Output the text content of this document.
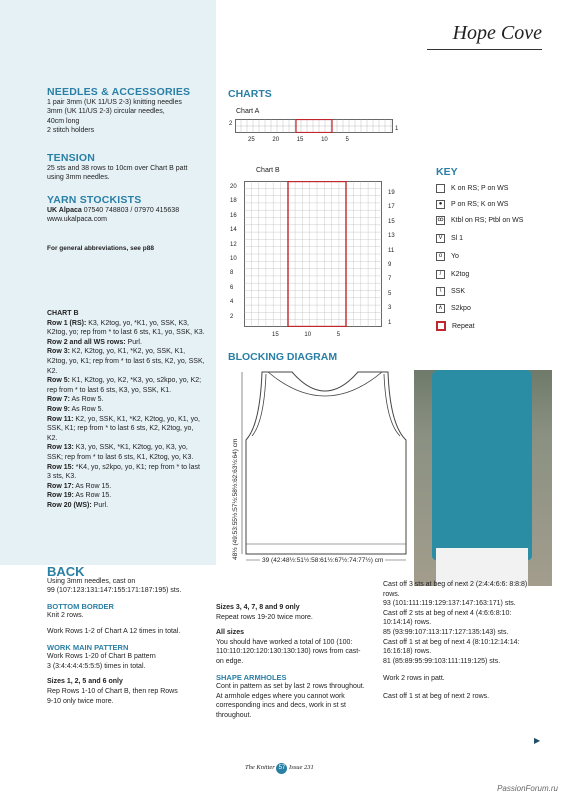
Hope Cove
NEEDLES & ACCESSORIES

1 pair 3mm (UK 11/US 2-3) knitting needles

3mm (UK 11/US 2-3) circular needles,

40cm long

2 stitch holders

TENSION

25 sts and 38 rows to 10cm over Chart B patt

using 3mm needles.

YARN STOCKISTS

UK Alpaca 07540 748803 / 07970 415638

www.ukalpaca.com

For general abbreviations, see p88
CHARTS
Chart A
2
1
25	20	15	10	5
Chart B
20
18
16
14
12
10
8
6
4
2
19
17
15
13
11
9
7
5
3
1
15	10	5
KEY
K on RS; P on WS
●	P on RS; K on WS
ꝏ Ktbl on RS; Ptbl on WS
V	Sl 1
o	Yo
/	K2tog
\	SSK
∧	S2kpo
Repeat
BLOCKING DIAGRAM
39 (42:48½:51½:58:61½:67½:74:77½) cm
48½ (49:53:55½:57½:58½:62:63½:64) cm

CHART B

Row 1 (RS): K3, K2tog, yo, *K1, yo, SSK, K3, K2tog, yo; rep from * to last 6 sts, K1, yo, SSK, K3.

Row 2 and all WS rows: Purl.

Row 3: K2, K2tog, yo, K1, *K2, yo, SSK, K1, K2tog, yo, K1; rep from * to last 6 sts, K2, yo, SSK, K2.

Row 5: K1, K2tog, yo, K2, *K3, yo, s2kpo, yo, K2; rep from * to last 6 sts, K3, yo, SSK, K1.

Row 7: As Row 5.

Row 9: As Row 5.

Row 11: K2, yo, SSK, K1, *K2, K2tog, yo, K1, yo, SSK, K1; rep from * to last 6 sts, K2, K2tog, yo, K2.

Row 13: K3, yo, SSK, *K1, K2tog, yo, K3, yo, SSK; rep from * to last 6 sts, K1, K2tog, yo, K3.

Row 15: *K4, yo, s2kpo, yo, K1; rep from * to last 3 sts, K3.

Row 17: As Row 15.

Row 19: As Row 15.

Row 20 (WS): Purl.

BACK

Using 3mm needles, cast on

99 (107:123:131:147:155:171:187:195) sts.

BOTTOM BORDER

Knit 2 rows.

Work Rows 1-2 of Chart A 12 times in total.

WORK MAIN PATTERN

Work Rows 1-20 of Chart B pattern

3 (3:4:4:4:4:5:5:5) times in total.

Sizes 1, 2, 5 and 6 only

Rep Rows 1-10 of Chart B, then rep Rows

9-10 only twice more.

Sizes 3, 4, 7, 8 and 9 only

Repeat rows 19-20 twice more.

All sizes

You should have worked a total of 100 (100: 110:110:120:120:130:130:130) rows from cast-on edge.

SHAPE ARMHOLES

Cont in pattern as set by last 2 rows throughout. At armhole edges where you cannot work corresponding incs and decs, work in st st throughout.

Cast off 3 sts at beg of next 2 (2:4:4:6:6: 8:8:8) rows.

93 (101:111:119:129:137:147:163:171) sts.

Cast off 2 sts at beg of next 4 (4:6:6:8:10: 10:14:14) rows.

85 (93:99:107:113:117:127:135:143) sts.

Cast off 1 st at beg of next 4 (8:10:12:14:14: 16:16:18) rows.

81 (85:89:95:99:103:111:119:125) sts.

Work 2 rows in patt.

Cast off 1 st at beg of next 2 rows.

▶
The Knitter 57 Issue 231
PassionForum.ru
